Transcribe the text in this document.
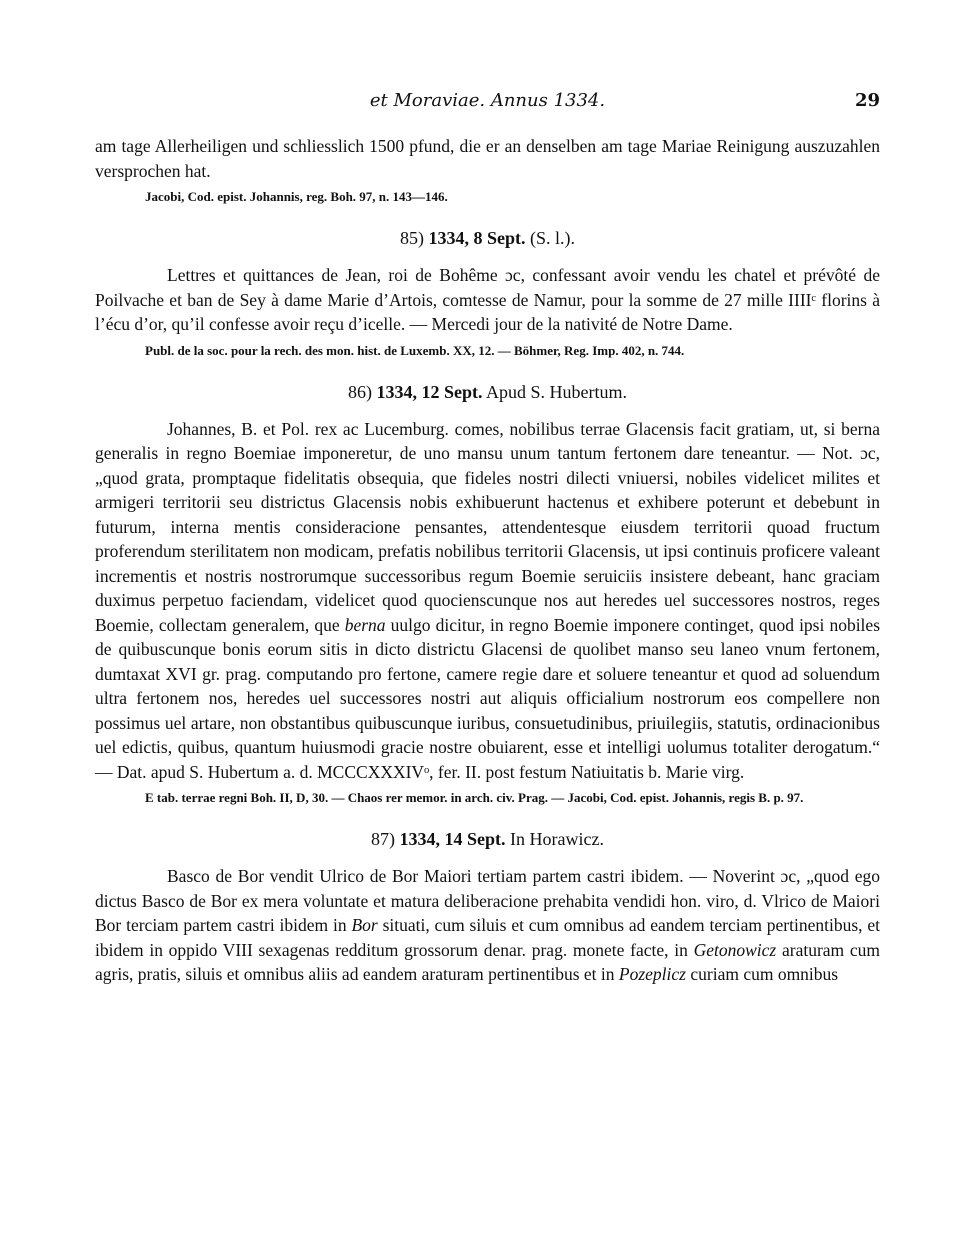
et Moraviae. Annus 1334.	29

am tage Allerheiligen und schliesslich 1500 pfund, die er an denselben am tage Mariae Reinigung auszuzahlen versprochen hat.

Jacobi, Cod. epist. Johannis, reg. Boh. 97, n. 143—146.

85) 1334, 8 Sept. (S. l.).

Lettres et quittances de Jean, roi de Bohême ɔc, confessant avoir vendu les chatel et prévôté de Poilvache et ban de Sey à dame Marie d’Artois, comtesse de Namur, pour la somme de 27 mille IIIIᶜ florins à l’écu d’or, qu’il confesse avoir reçu d’icelle. — Mercedi jour de la nativité de Notre Dame.

Publ. de la soc. pour la rech. des mon. hist. de Luxemb. XX, 12. — Böhmer, Reg. Imp. 402, n. 744.

86) 1334, 12 Sept. Apud S. Hubertum.

Johannes, B. et Pol. rex ac Lucemburg. comes, nobilibus terrae Glacensis facit gratiam, ut, si berna generalis in regno Boemiae imponeretur, de uno mansu unum tantum fertonem dare teneantur. — Not. ɔc, „quod grata, promptaque fidelitatis obsequia, que fideles nostri dilecti vniuersi, nobiles videlicet milites et armigeri territorii seu districtus Glacensis nobis exhibuerunt hactenus et exhibere poterunt et debebunt in futurum, interna mentis consideracione pensantes, attendentesque eiusdem territorii quoad fructum proferendum sterilitatem non modicam, prefatis nobilibus territorii Glacensis, ut ipsi continuis proficere valeant incrementis et nostris nostrorumque successoribus regum Boemie seruiciis insistere debeant, hanc graciam duximus perpetuo faciendam, videlicet quod quocienscunque nos aut heredes uel successores nostros, reges Boemie, collectam generalem, que berna uulgo dicitur, in regno Boemie imponere continget, quod ipsi nobiles de quibuscunque bonis eorum sitis in dicto districtu Glacensi de quolibet manso seu laneo vnum fertonem, dumtaxat XVI gr. prag. computando pro fertone, camere regie dare et soluere teneantur et quod ad soluendum ultra fertonem nos, heredes uel successores nostri aut aliquis officialium nostrorum eos compellere non possimus uel artare, non obstantibus quibuscunque iuribus, consuetudinibus, priuilegiis, statutis, ordinacionibus uel edictis, quibus, quantum huiusmodi gracie nostre obuiarent, esse et intelligi uolumus totaliter derogatum.“ — Dat. apud S. Hubertum a. d. MCCCXXXIVᵒ, fer. II. post festum Natiuitatis b. Marie virg.

E tab. terrae regni Boh. II, D, 30. — Chaos rer memor. in arch. civ. Prag. — Jacobi, Cod. epist. Johannis, regis B. p. 97.

87) 1334, 14 Sept. In Horawicz.

Basco de Bor vendit Ulrico de Bor Maiori tertiam partem castri ibidem. — Noverint ɔc, „quod ego dictus Basco de Bor ex mera voluntate et matura deliberacione prehabita vendidi hon. viro, d. Vlrico de Maiori Bor terciam partem castri ibidem in Bor situati, cum siluis et cum omnibus ad eandem terciam pertinentibus, et ibidem in oppido VIII sexagenas redditum grossorum denar. prag. monete facte, in Getonowicz araturam cum agris, pratis, siluis et omnibus aliis ad eandem araturam pertinentibus et in Pozeplicz curiam cum omnibus
